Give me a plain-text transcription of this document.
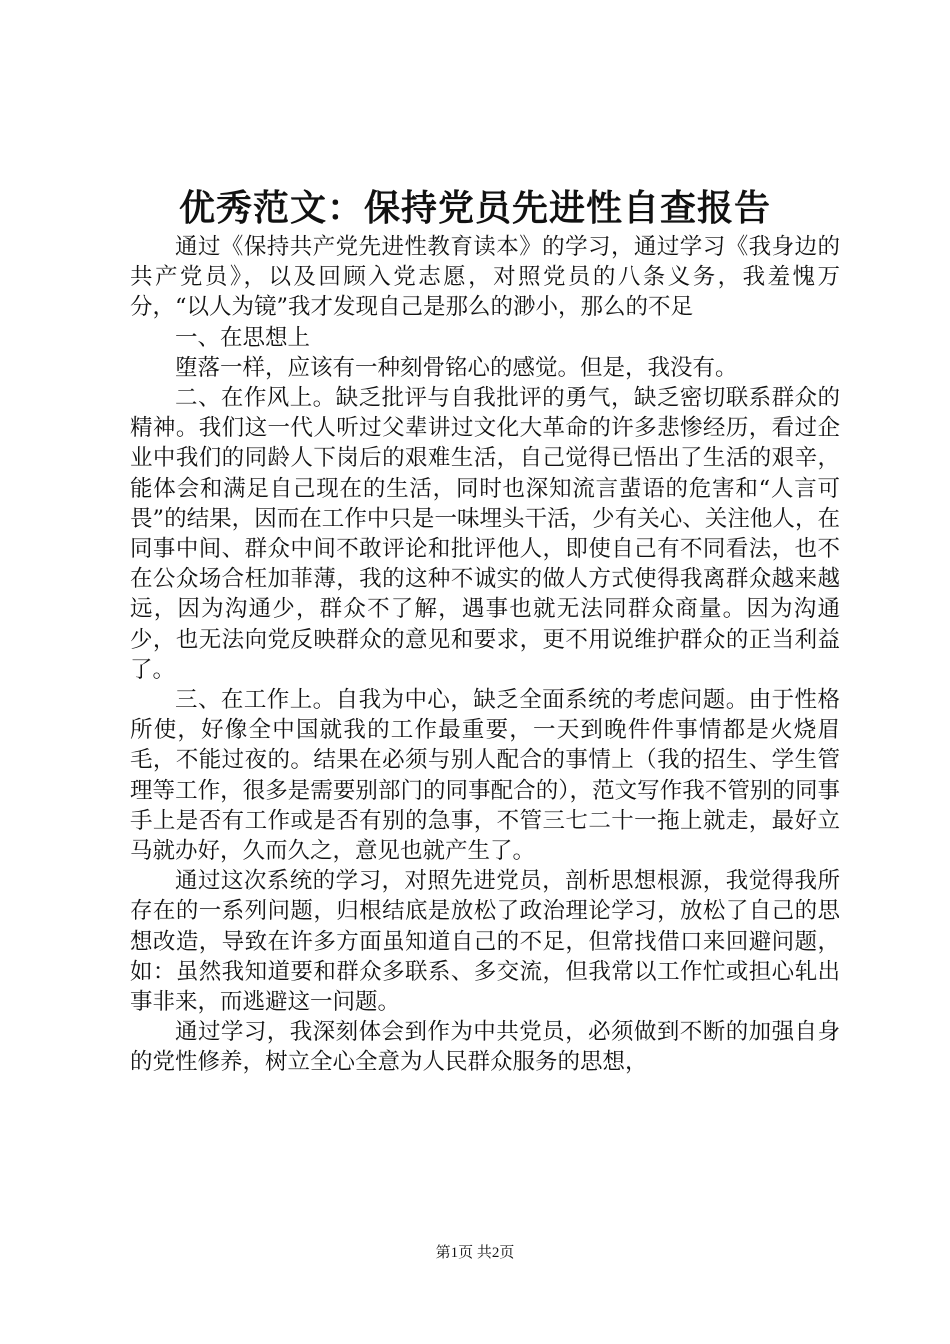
优秀范文：保持党员先进性自查报告

通过《保持共产党先进性教育读本》的学习，通过学习《我身边的共产党员》，以及回顾入党志愿，对照党员的八条义务，我羞愧万分，“以人为镜”我才发现自己是那么的渺小，那么的不足

一、在思想上

堕落一样，应该有一种刻骨铭心的感觉。但是，我没有。

二、在作风上。缺乏批评与自我批评的勇气，缺乏密切联系群众的精神。我们这一代人听过父辈讲过文化大革命的许多悲惨经历，看过企业中我们的同龄人下岗后的艰难生活，自己觉得已悟出了生活的艰辛，能体会和满足自己现在的生活，同时也深知流言蜚语的危害和“人言可畏”的结果，因而在工作中只是一味埋头干活，少有关心、关注他人，在同事中间、群众中间不敢评论和批评他人，即使自己有不同看法，也不在公众场合枉加菲薄，我的这种不诚实的做人方式使得我离群众越来越远，因为沟通少，群众不了解，遇事也就无法同群众商量。因为沟通少，也无法向党反映群众的意见和要求，更不用说维护群众的正当利益了。

三、在工作上。自我为中心，缺乏全面系统的考虑问题。由于性格所使，好像全中国就我的工作最重要，一天到晚件件事情都是火烧眉毛，不能过夜的。结果在必须与别人配合的事情上（我的招生、学生管理等工作，很多是需要别部门的同事配合的），范文写作我不管别的同事手上是否有工作或是否有别的急事，不管三七二十一拖上就走，最好立马就办好，久而久之，意见也就产生了。

通过这次系统的学习，对照先进党员，剖析思想根源，我觉得我所存在的一系列问题，归根结底是放松了政治理论学习，放松了自己的思想改造，导致在许多方面虽知道自己的不足，但常找借口来回避问题，如：虽然我知道要和群众多联系、多交流，但我常以工作忙或担心轧出事非来，而逃避这一问题。

通过学习，我深刻体会到作为中共党员，必须做到不断的加强自身的党性修养，树立全心全意为人民群众服务的思想，

第1页 共2页
